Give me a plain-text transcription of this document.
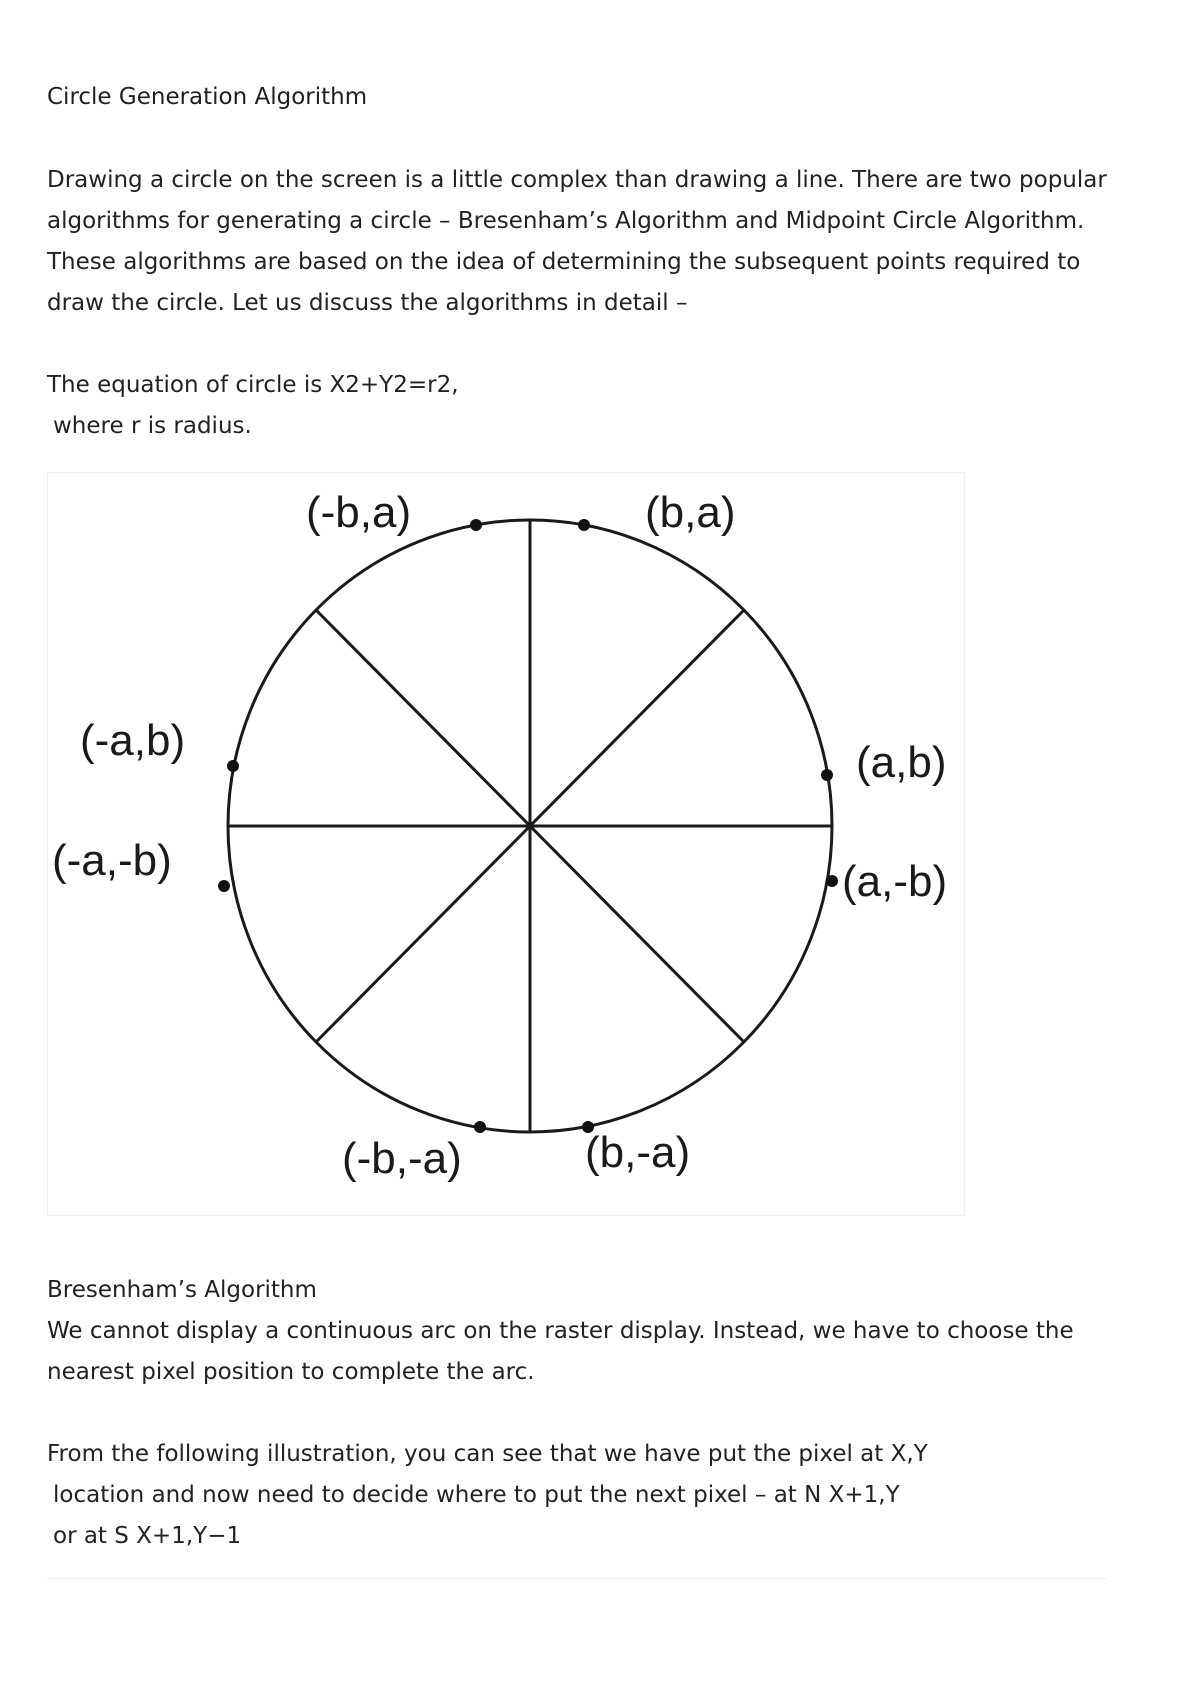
Circle Generation Algorithm
Drawing a circle on the screen is a little complex than drawing a line. There are two popular
algorithms for generating a circle – Bresenham’s Algorithm and Midpoint Circle Algorithm.
These algorithms are based on the idea of determining the subsequent points required to
draw the circle. Let us discuss the algorithms in detail –
The equation of circle is X2+Y2=r2,
where r is radius.
(-b,a)	(b,a)
(-a,b)	(a,b)
(-a,-b)	(a,-b)
(-b,-a)	(b,-a)
Bresenham’s Algorithm
We cannot display a continuous arc on the raster display. Instead, we have to choose the
nearest pixel position to complete the arc.
From the following illustration, you can see that we have put the pixel at X,Y
location and now need to decide where to put the next pixel – at N X+1,Y
or at S X+1,Y−1
